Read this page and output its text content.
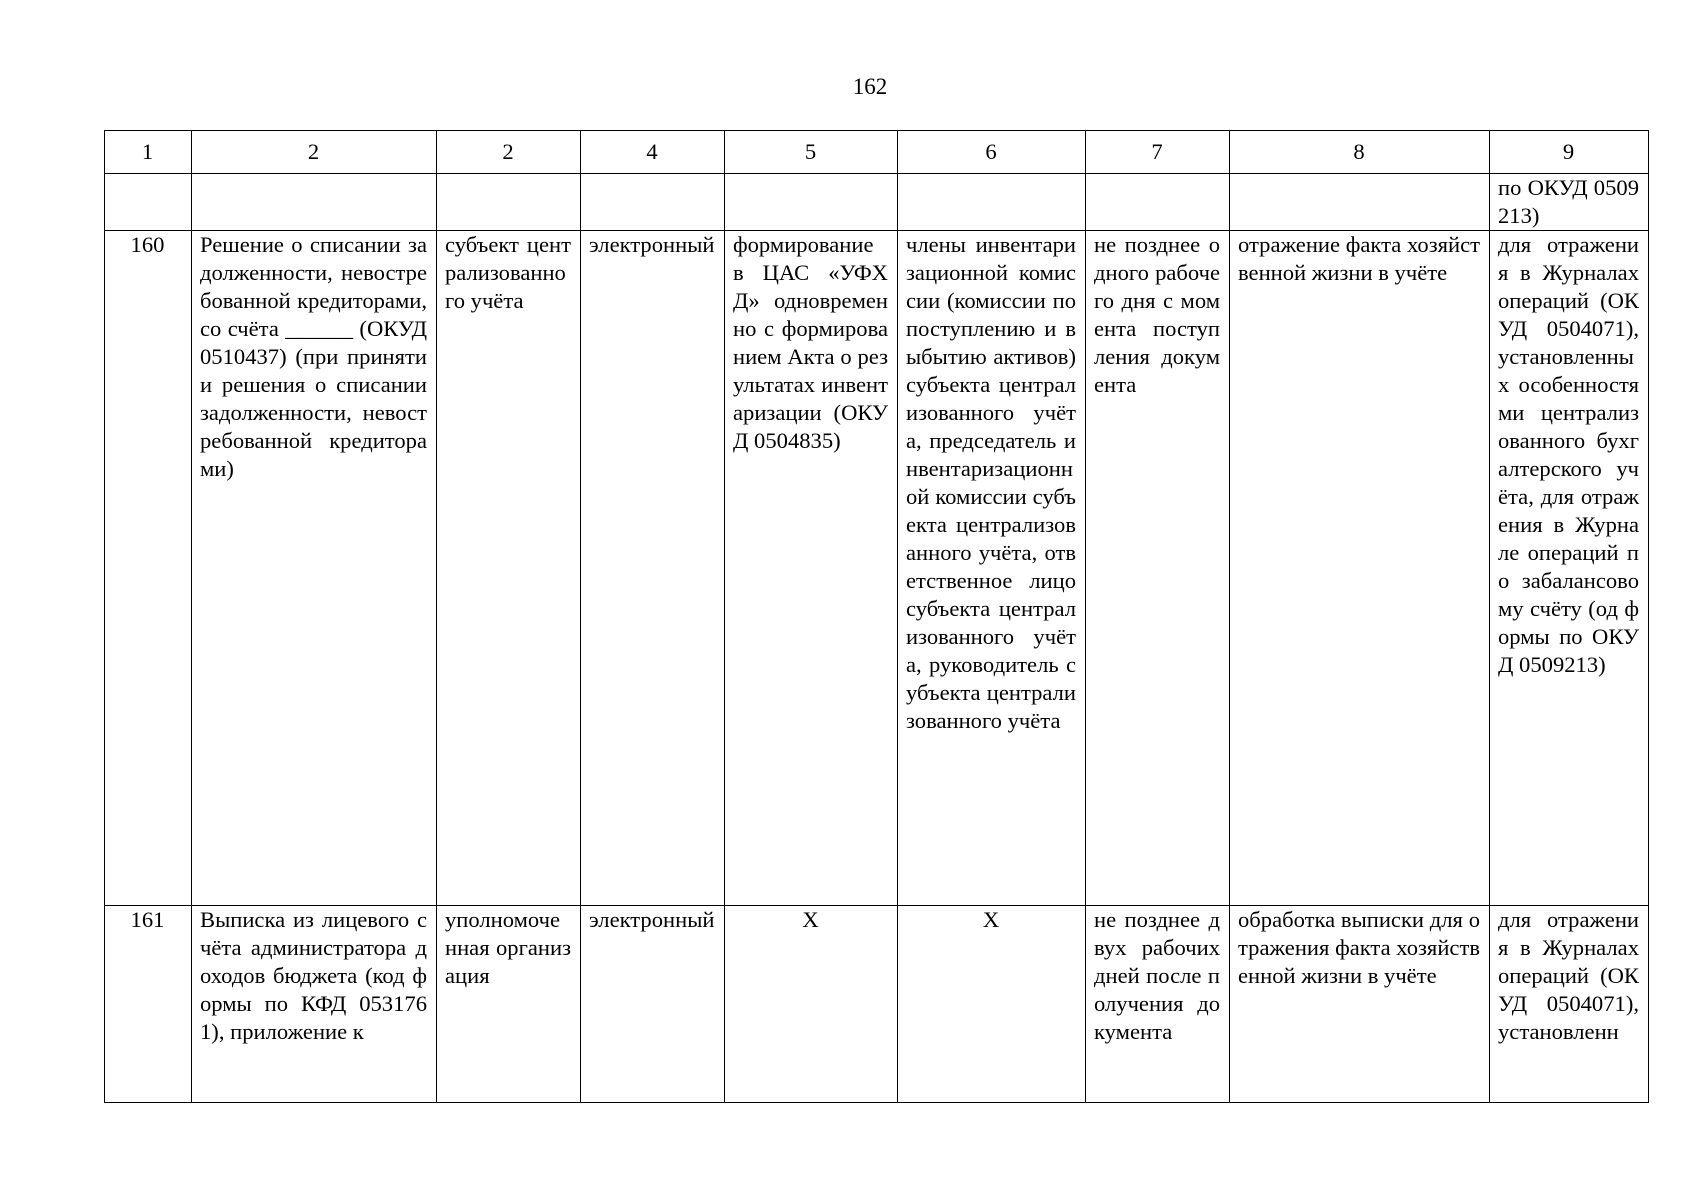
162
1	2	2	4	5	6	7	8	9
								по ОКУД 0509213)
160	Решение о списании задолженности, невостребованной кредиторами, со счёта ______ (ОКУД 0510437) (при принятии решения о списании задолженности, невостребованной кредиторами)	субъект централизованного учёта	электронный	формирование в ЦАС «УФХД» одновременно с формированием Акта о результатах инвентаризации (ОКУД 0504835)	члены инвентаризационной комиссии (комиссии по поступлению и выбытию активов) субъекта централизованного учёта, председатель инвентаризационной комиссии субъекта централизованного учёта, ответственное лицо субъекта централизованного учёта, руководитель субъекта централизованного учёта	не позднее одного рабочего дня с момента поступления документа	отражение факта хозяйственной жизни в учёте	для отражения в Журналах операций (ОКУД 0504071), установленных особенностями централизованного бухгалтерского учёта, для отражения в Журнале операций по забалансовому счёту (од формы по ОКУД 0509213)
161	Выписка из лицевого счёта администратора доходов бюджета (код формы по КФД 0531761), приложение к	уполномоченная организация	электронный	X	X	не позднее двух рабочих дней после получения документа	обработка выписки для отражения факта хозяйственной жизни в учёте	для отражения в Журналах операций (ОКУД 0504071), установленн
